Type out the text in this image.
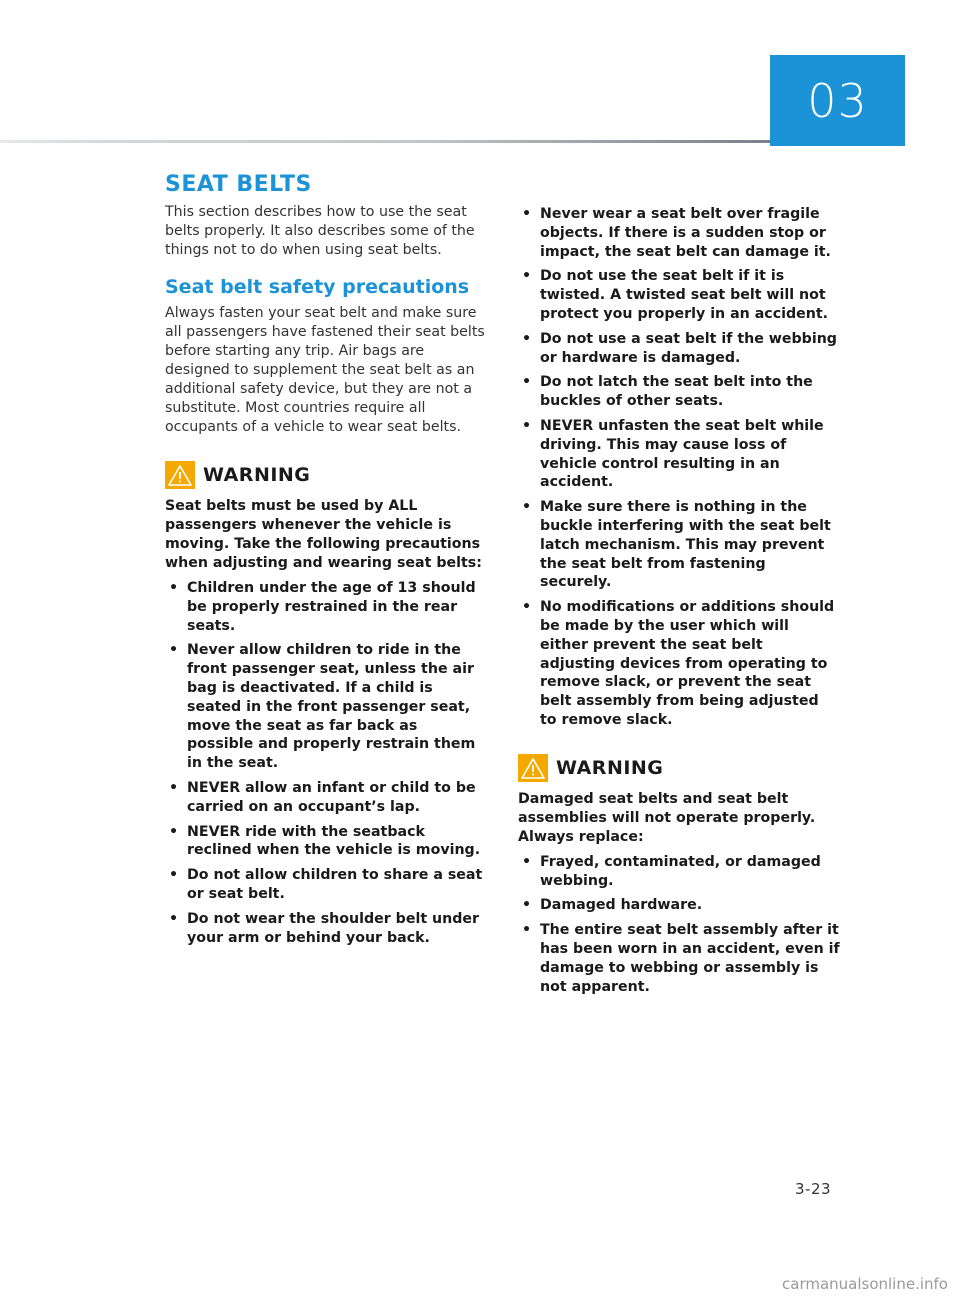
03
SEAT BELTS

This section describes how to use the seat belts properly. It also describes some of the things not to do when using seat belts.

Seat belt safety precautions

Always fasten your seat belt and make sure all passengers have fastened their seat belts before starting any trip. Air bags are designed to supplement the seat belt as an additional safety device, but they are not a substitute. Most countries require all occupants of a vehicle to wear seat belts.

WARNING

Seat belts must be used by ALL passengers whenever the vehicle is moving. Take the following precautions when adjusting and wearing seat belts:

• Children under the age of 13 should be properly restrained in the rear seats.
• Never allow children to ride in the front passenger seat, unless the air bag is deactivated. If a child is seated in the front passenger seat, move the seat as far back as possible and properly restrain them in the seat.
• NEVER allow an infant or child to be carried on an occupant’s lap.
• NEVER ride with the seatback reclined when the vehicle is moving.
• Do not allow children to share a seat or seat belt.
• Do not wear the shoulder belt under your arm or behind your back.
• Never wear a seat belt over fragile objects. If there is a sudden stop or impact, the seat belt can damage it.
• Do not use the seat belt if it is twisted. A twisted seat belt will not protect you properly in an accident.
• Do not use a seat belt if the webbing or hardware is damaged.
• Do not latch the seat belt into the buckles of other seats.
• NEVER unfasten the seat belt while driving. This may cause loss of vehicle control resulting in an accident.
• Make sure there is nothing in the buckle interfering with the seat belt latch mechanism. This may prevent the seat belt from fastening securely.
• No modifications or additions should be made by the user which will either prevent the seat belt adjusting devices from operating to remove slack, or prevent the seat belt assembly from being adjusted to remove slack.
WARNING

Damaged seat belts and seat belt assemblies will not operate properly. Always replace:

• Frayed, contaminated, or damaged webbing.
• Damaged hardware.
• The entire seat belt assembly after it has been worn in an accident, even if damage to webbing or assembly is not apparent.
3-23
carmanualsonline.info
